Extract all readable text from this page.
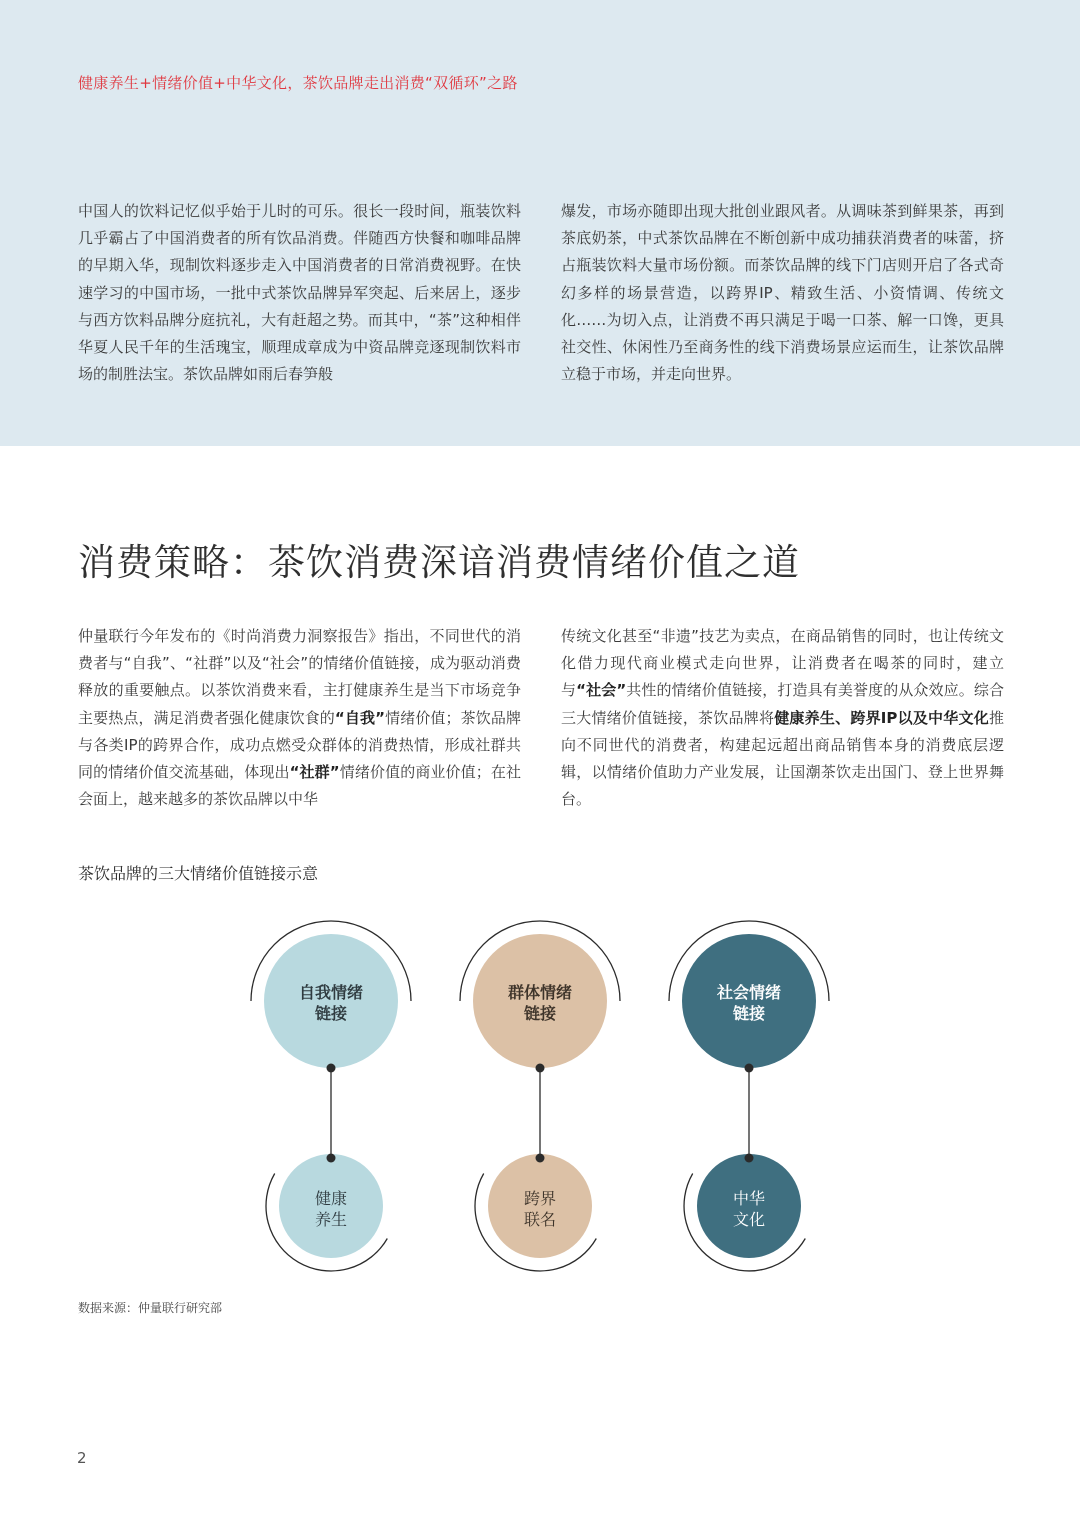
健康养生+情绪价值+中华文化，茶饮品牌走出消费“双循环”之路
中国人的饮料记忆似乎始于儿时的可乐。很长一段时间，瓶装饮料几乎霸占了中国消费者的所有饮品消费。伴随西方快餐和咖啡品牌的早期入华，现制饮料逐步走入中国消费者的日常消费视野。在快速学习的中国市场，一批中式茶饮品牌异军突起、后来居上，逐步与西方饮料品牌分庭抗礼，大有赶超之势。而其中，“茶”这种相伴华夏人民千年的生活瑰宝，顺理成章成为中资品牌竞逐现制饮料市场的制胜法宝。茶饮品牌如雨后春笋般
爆发，市场亦随即出现大批创业跟风者。从调味茶到鲜果茶，再到茶底奶茶，中式茶饮品牌在不断创新中成功捕获消费者的味蕾，挤占瓶装饮料大量市场份额。而茶饮品牌的线下门店则开启了各式奇幻多样的场景营造，以跨界IP、精致生活、小资情调、传统文化……为切入点，让消费不再只满足于喝一口茶、解一口馋，更具社交性、休闲性乃至商务性的线下消费场景应运而生，让茶饮品牌立稳于市场，并走向世界。
消费策略：茶饮消费深谙消费情绪价值之道
仲量联行今年发布的《时尚消费力洞察报告》指出，不同世代的消费者与“自我”、“社群”以及“社会”的情绪价值链接，成为驱动消费释放的重要触点。以茶饮消费来看，主打健康养生是当下市场竞争主要热点，满足消费者强化健康饮食的“自我”情绪价值；茶饮品牌与各类IP的跨界合作，成功点燃受众群体的消费热情，形成社群共同的情绪价值交流基础，体现出“社群”情绪价值的商业价值；在社会面上，越来越多的茶饮品牌以中华
传统文化甚至“非遗”技艺为卖点，在商品销售的同时，也让传统文化借力现代商业模式走向世界，让消费者在喝茶的同时，建立与“社会”共性的情绪价值链接，打造具有美誉度的从众效应。综合三大情绪价值链接，茶饮品牌将健康养生、跨界IP以及中华文化推向不同世代的消费者，构建起远超出商品销售本身的消费底层逻辑，以情绪价值助力产业发展，让国潮茶饮走出国门、登上世界舞台。
茶饮品牌的三大情绪价值链接示意
自我情绪
链接
健康
养生
群体情绪
链接
跨界
联名
社会情绪
链接
中华
文化
数据来源：仲量联行研究部
2
